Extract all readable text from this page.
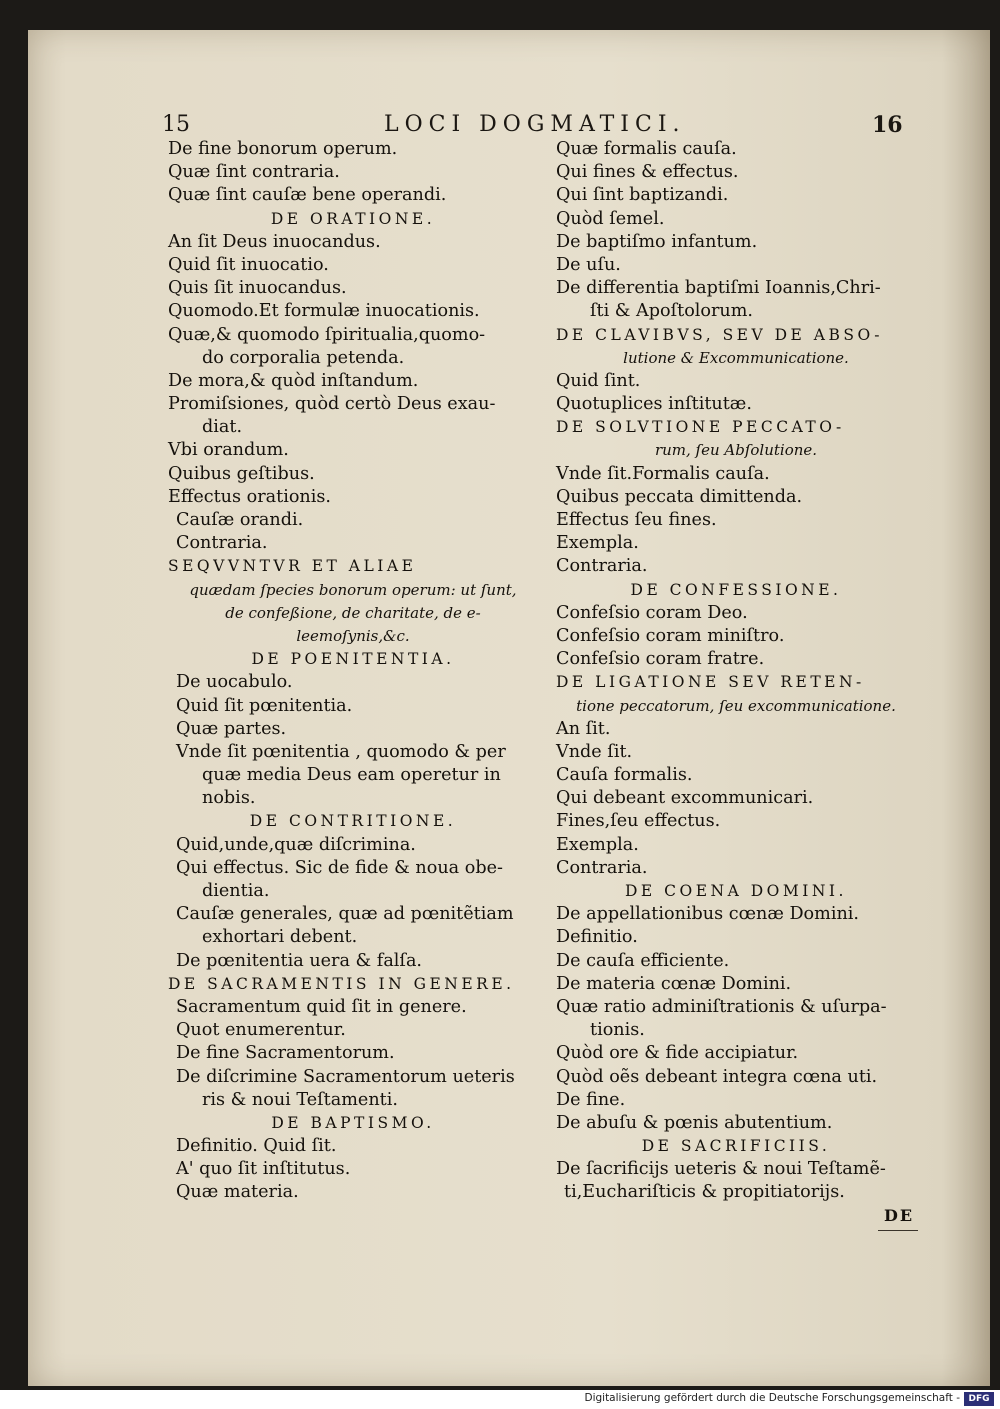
15	LOCI DOGMATICI.	16
De fine bonorum operum.
Quæ ſint contraria.
Quæ ſint cauſæ bene operandi.
DE ORATIONE.
An ſit Deus inuocandus.
Quid ſit inuocatio.
Quis ſit inuocandus.
Quomodo.Et formulæ inuocationis.
Quæ,& quomodo ſpiritualia,quomo-
do corporalia petenda.
De mora,& quòd inſtandum.
Promiſsiones, quòd certò Deus exau-
diat.
Vbi orandum.
Quibus geſtibus.
Effectus orationis.
Cauſæ orandi.
Contraria.
SEQVVNTVR ET ALIAE
quædam ſpecies bonorum operum: ut ſunt,
de confeßione, de charitate, de e-
leemoſynis,&c.
DE POENITENTIA.
De uocabulo.
Quid ſit pœnitentia.
Quæ partes.
Vnde ſit pœnitentia , quomodo & per
quæ media Deus eam operetur in
nobis.
DE CONTRITIONE.
Quid,unde,quæ diſcrimina.
Qui effectus. Sic de fide & noua obe-
dientia.
Cauſæ generales, quæ ad pœnitẽtiam
exhortari debent.
De pœnitentia uera & falſa.
DE SACRAMENTIS IN GENERE.
Sacramentum quid ſit in genere.
Quot enumerentur.
De fine Sacramentorum.
De diſcrimine Sacramentorum ueteris
ris & noui Teſtamenti.
DE BAPTISMO.
Definitio. Quid ſit.
A' quo ſit inſtitutus.
Quæ materia.
Quæ formalis cauſa.
Qui fines & effectus.
Qui ſint baptizandi.
Quòd ſemel.
De baptiſmo infantum.
De uſu.
De differentia baptiſmi Ioannis,Chri-
ſti & Apoſtolorum.
DE CLAVIBVS, SEV DE ABSO-
lutione & Excommunicatione.
Quid ſint.
Quotuplices inſtitutæ.
DE SOLVTIONE PECCATO-
rum, ſeu Abſolutione.
Vnde ſit.Formalis cauſa.
Quibus peccata dimittenda.
Effectus ſeu fines.
Exempla.
Contraria.
DE CONFESSIONE.
Confeſsio coram Deo.
Confeſsio coram miniſtro.
Confeſsio coram fratre.
DE LIGATIONE SEV RETEN-
tione peccatorum, ſeu excommunicatione.
An ſit.
Vnde ſit.
Cauſa formalis.
Qui debeant excommunicari.
Fines,ſeu effectus.
Exempla.
Contraria.
DE COENA DOMINI.
De appellationibus cœnæ Domini.
Definitio.
De cauſa efficiente.
De materia cœnæ Domini.
Quæ ratio adminiſtrationis & uſurpa-
tionis.
Quòd ore & fide accipiatur.
Quòd oẽs debeant integra cœna uti.
De fine.
De abuſu & pœnis abutentium.
DE SACRIFICIIS.
De ſacrificijs ueteris & noui Teſtamẽ-
ti,Euchariſticis & propitiatorijs.
DE
Digitalisierung gefördert durch die Deutsche Forschungsgemeinschaft - DFG
